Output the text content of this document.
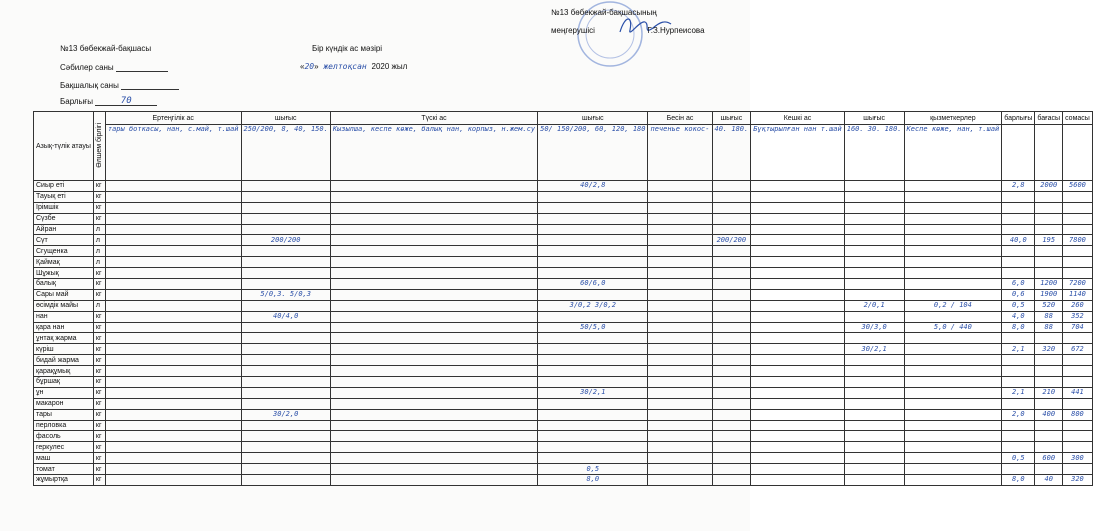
№13 бөбекжай-бақшасының
меңгерушісі	Г.З.Нурпеисова
№13 бөбекжай-бақшасы
Сәбилер саны
Бақшалық саны
Барлығы	70
Бір күндік ас мәзірі
«20» желтоқсан 2020 жыл
Азық-түлік атауы	Өлшем бірлігі	Ертеңгілік ас	шығыс	Түскі ас	шығыс	Бесін ас	шығыс	Кешкі ас	шығыс	қызметкерлер	барлығы	бағасы	сомасы
		тары боткасы, нан, с.май, т.шай	250/200, 8, 40, 150.	Кызылша, кеспе көже, балық нан, корпыз, н.жем.су	50/ 150/200, 60, 120, 180	печенье кокос-	40. 180.	Бұқтырылған нан т.шай	160. 30. 180.	Кеспе көже, нан, т.шай			
Сиыр еті	кг				40/2,8						2,8	2000	5600
Тауық еті	кг												
Ірімшік	кг												
Сүзбе	кг												
Айран	л												
Сүт	л		200/200				200/200				40,0	195	7800
Сгущенка	л												
Қаймақ	л												
Шұжық	кг												
балық	кг				60/6,0						6,0	1200	7200
Сары май	кг		5/0,3. 5/0,3								0,6	1900	1140
өсімдік майы	л				3/0,2 3/0,2				2/0,1	0,2 / 104	0,5	520	260
нан	кг		40/4,0								4,0	88	352
қара нан	кг				50/5,0				30/3,0	5,0 / 440	8,0	88	704
ұнтақ жарма	кг												
күріш	кг								30/2,1		2,1	320	672
бидай жарма	кг												
қарақұмық	кг												
бұршақ	кг												
ұн	кг				30/2,1						2,1	210	441
макарон	кг												
тары	кг		30/2,0								2,0	400	800
перловка	кг												
фасоль	кг												
геркулес	кг												
маш	кг										0,5	600	300
томат	кг				0,5								
жұмыртқа	кг				8,0						8,0	40	320
